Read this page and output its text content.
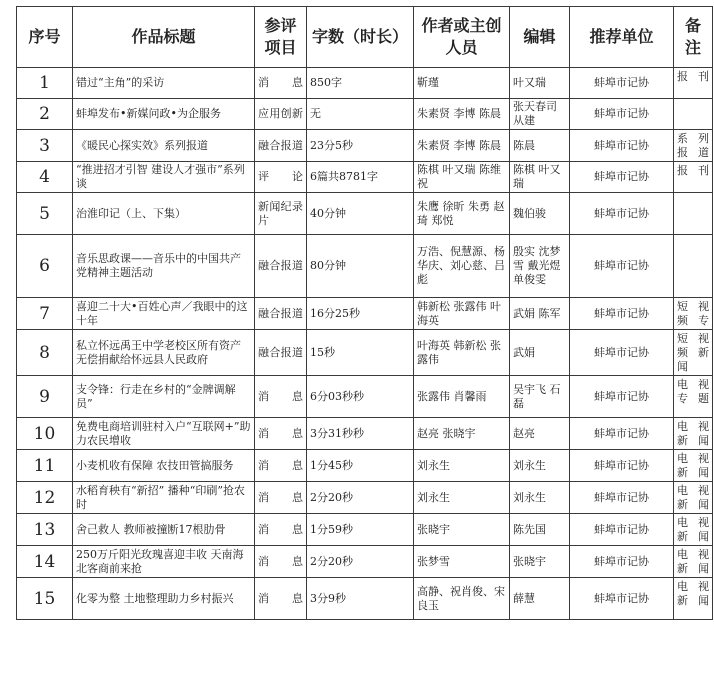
序号	作品标题	参评项目	字数（时长）	作者或主创人员	编辑	推荐单位	备注

1	错过“主角”的采访	消息	850字	靳瑾	叶又瑞	蚌埠市记协	报刊

2	蚌埠发布•新媒问政•为企服务	应用创新	无	朱素贤 李博 陈晨	张天春司从建	蚌埠市记协	

3	《暖民心探实效》系列报道	融合报道	23分5秒	朱素贤 李博 陈晨	陈晨	蚌埠市记协	系列报道

4	“推进招才引智 建设人才强市”系列谈	评论	6篇共8781字	陈棋 叶又瑞 陈维祝	陈棋 叶又瑞	蚌埠市记协	报刊

5	治淮印记（上、下集）	新闻纪录片	40分钟	朱鹰 徐昕 朱勇 赵琦 郑悦	魏伯骏	蚌埠市记协	

6	音乐思政课——音乐中的中国共产党精神主题活动	融合报道	80分钟	万浩、倪慧源、杨华庆、刘心慈、吕彪	殷实 沈梦雪 戴光煜 单俊雯	蚌埠市记协	

7	喜迎二十大•百姓心声／我眼中的这十年	融合报道	16分25秒	韩新松 张露伟 叶海英	武娟 陈军	蚌埠市记协	短视频专

8	私立怀远禹王中学老校区所有资产无偿捐献给怀远县人民政府	融合报道	15秒	叶海英 韩新松 张露伟	武娟	蚌埠市记协	短视频新闻

9	支令锋：行走在乡村的“金牌调解员”	消息	6分03秒秒	张露伟 肖馨雨	吴宇飞 石磊	蚌埠市记协	电视专题

10	免费电商培训驻村入户“互联网+”助力农民增收	消息	3分31秒秒	赵亮 张晓宇	赵亮	蚌埠市记协	电视新闻

11	小麦机收有保障 农技田管搞服务	消息	1分45秒	刘永生	刘永生	蚌埠市记协	电视新闻

12	水稻育秧有“新招” 播种“印刷”抢农时	消息	2分20秒	刘永生	刘永生	蚌埠市记协	电视新闻

13	舍己救人 教师被撞断17根肋骨	消息	1分59秒	张晓宇	陈先国	蚌埠市记协	电视新闻

14	250万斤阳光玫瑰喜迎丰收 天南海北客商前来抢	消息	2分20秒	张梦雪	张晓宇	蚌埠市记协	电视新闻

15	化零为整 土地整理助力乡村振兴	消息	3分9秒	高静、祝肖俊、宋良玉	薛慧	蚌埠市记协	电视新闻
